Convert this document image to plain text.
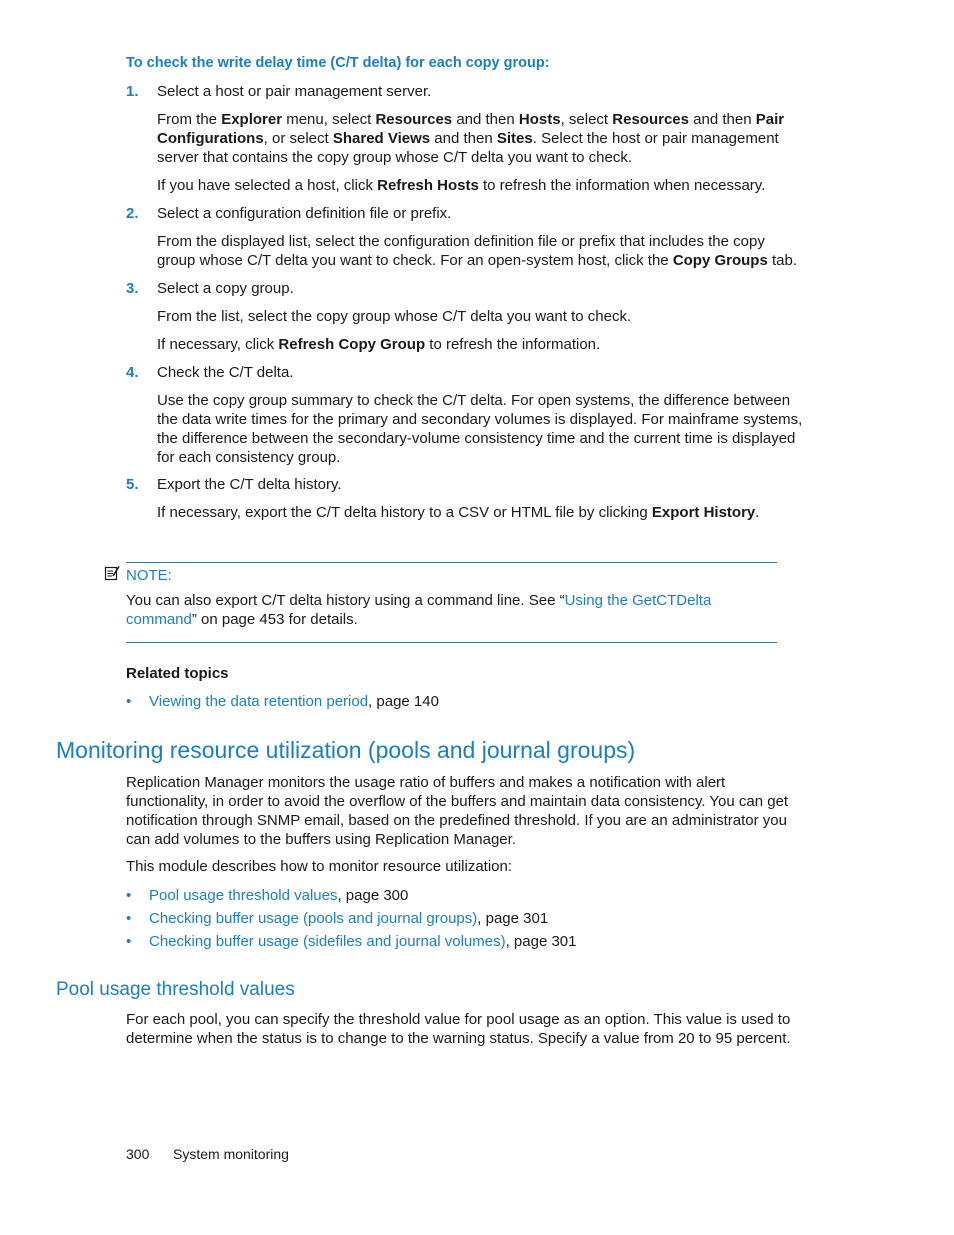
To check the write delay time (C/T delta) for each copy group:
1. Select a host or pair management server.
From the Explorer menu, select Resources and then Hosts, select Resources and then Pair Configurations, or select Shared Views and then Sites. Select the host or pair management server that contains the copy group whose C/T delta you want to check.
If you have selected a host, click Refresh Hosts to refresh the information when necessary.
2. Select a configuration definition file or prefix.
From the displayed list, select the configuration definition file or prefix that includes the copy group whose C/T delta you want to check. For an open-system host, click the Copy Groups tab.
3. Select a copy group.
From the list, select the copy group whose C/T delta you want to check.
If necessary, click Refresh Copy Group to refresh the information.
4. Check the C/T delta.
Use the copy group summary to check the C/T delta. For open systems, the difference between the data write times for the primary and secondary volumes is displayed. For mainframe systems, the difference between the secondary-volume consistency time and the current time is displayed for each consistency group.
5. Export the C/T delta history.
If necessary, export the C/T delta history to a CSV or HTML file by clicking Export History.
NOTE:
You can also export C/T delta history using a command line. See “Using the GetCTDelta command” on page 453 for details.
Related topics
• Viewing the data retention period, page 140
Monitoring resource utilization (pools and journal groups)
Replication Manager monitors the usage ratio of buffers and makes a notification with alert functionality, in order to avoid the overflow of the buffers and maintain data consistency. You can get notification through SNMP email, based on the predefined threshold. If you are an administrator you can add volumes to the buffers using Replication Manager.
This module describes how to monitor resource utilization:
• Pool usage threshold values, page 300
• Checking buffer usage (pools and journal groups), page 301
• Checking buffer usage (sidefiles and journal volumes), page 301
Pool usage threshold values
For each pool, you can specify the threshold value for pool usage as an option. This value is used to determine when the status is to change to the warning status. Specify a value from 20 to 95 percent.
300 System monitoring
